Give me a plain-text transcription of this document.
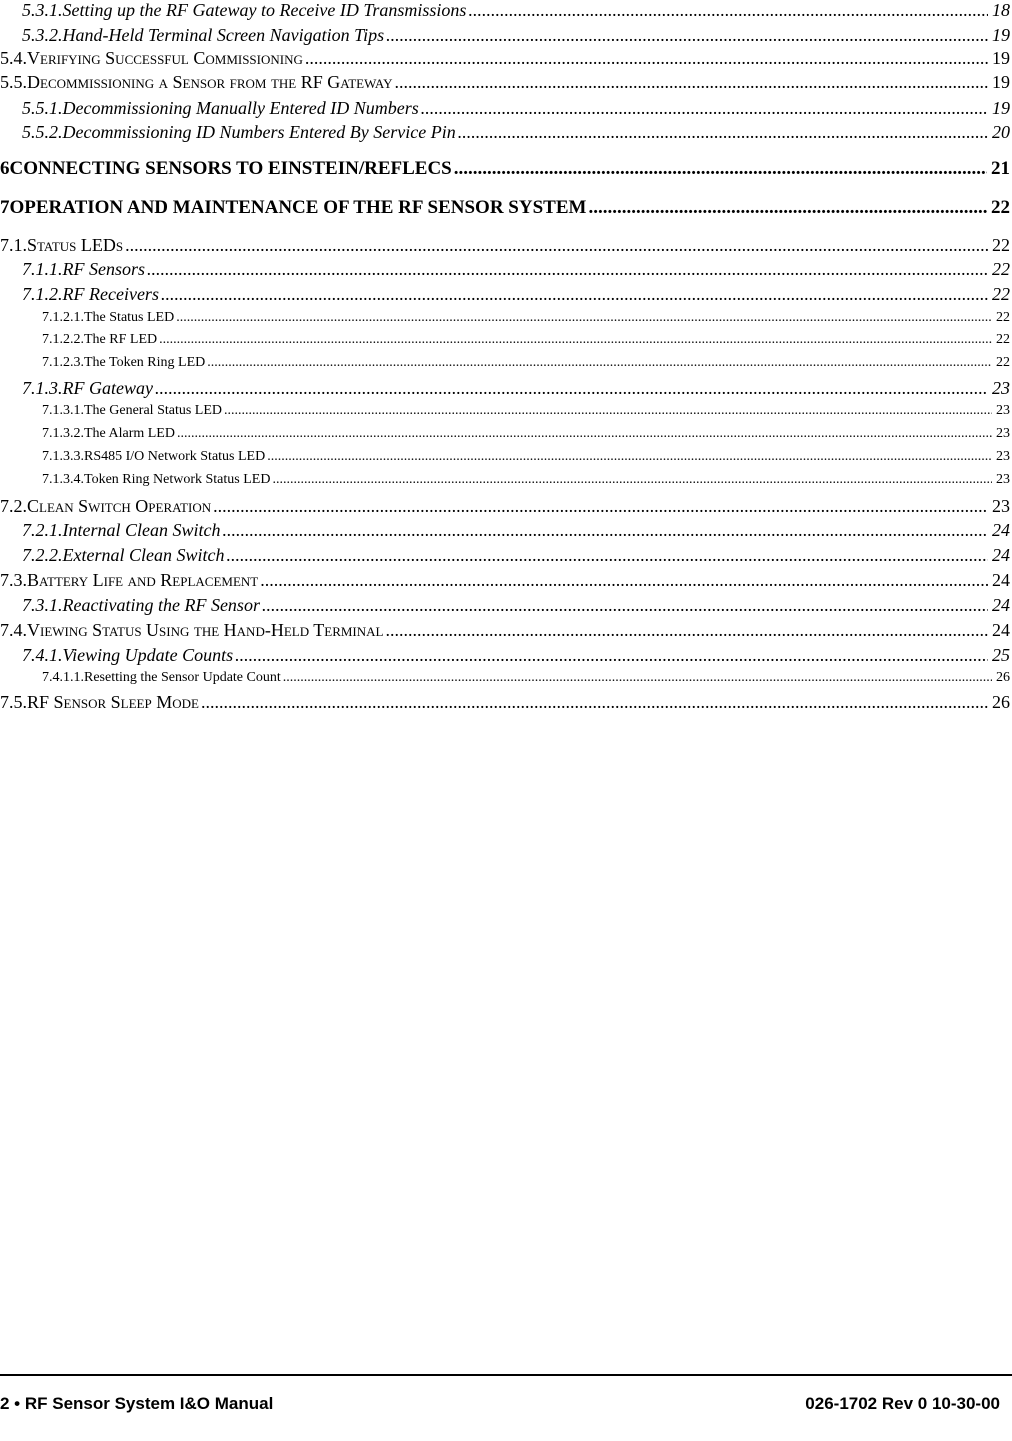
5.3.1. Setting up the RF Gateway to Receive ID Transmissions .....	18
5.3.2. Hand-Held Terminal Screen Navigation Tips .....	19
5.4. Verifying Successful Commissioning .....	19
5.5. Decommissioning a Sensor from the RF Gateway .....	19
5.5.1. Decommissioning Manually Entered ID Numbers .....	19
5.5.2. Decommissioning ID Numbers Entered By Service Pin .....	20
6 CONNECTING SENSORS TO EINSTEIN/REFLECS .....	21
7 OPERATION AND MAINTENANCE OF THE RF SENSOR SYSTEM .....	22
7.1. Status LEDs .....	22
7.1.1. RF Sensors .....	22
7.1.2. RF Receivers .....	22
7.1.2.1. The Status LED .....	22
7.1.2.2. The RF LED .....	22
7.1.2.3. The Token Ring LED .....	22
7.1.3. RF Gateway .....	23
7.1.3.1. The General Status LED .....	23
7.1.3.2. The Alarm LED .....	23
7.1.3.3. RS485 I/O Network Status LED .....	23
7.1.3.4. Token Ring Network Status LED .....	23
7.2. Clean Switch Operation .....	23
7.2.1. Internal Clean Switch .....	24
7.2.2. External Clean Switch .....	24
7.3. Battery Life and Replacement .....	24
7.3.1. Reactivating the RF Sensor .....	24
7.4. Viewing Status Using the Hand-Held Terminal .....	24
7.4.1. Viewing Update Counts .....	25
7.4.1.1. Resetting the Sensor Update Count .....	26
7.5. RF Sensor Sleep Mode .....	26
2 • RF Sensor System I&O Manual	026-1702 Rev 0 10-30-00
